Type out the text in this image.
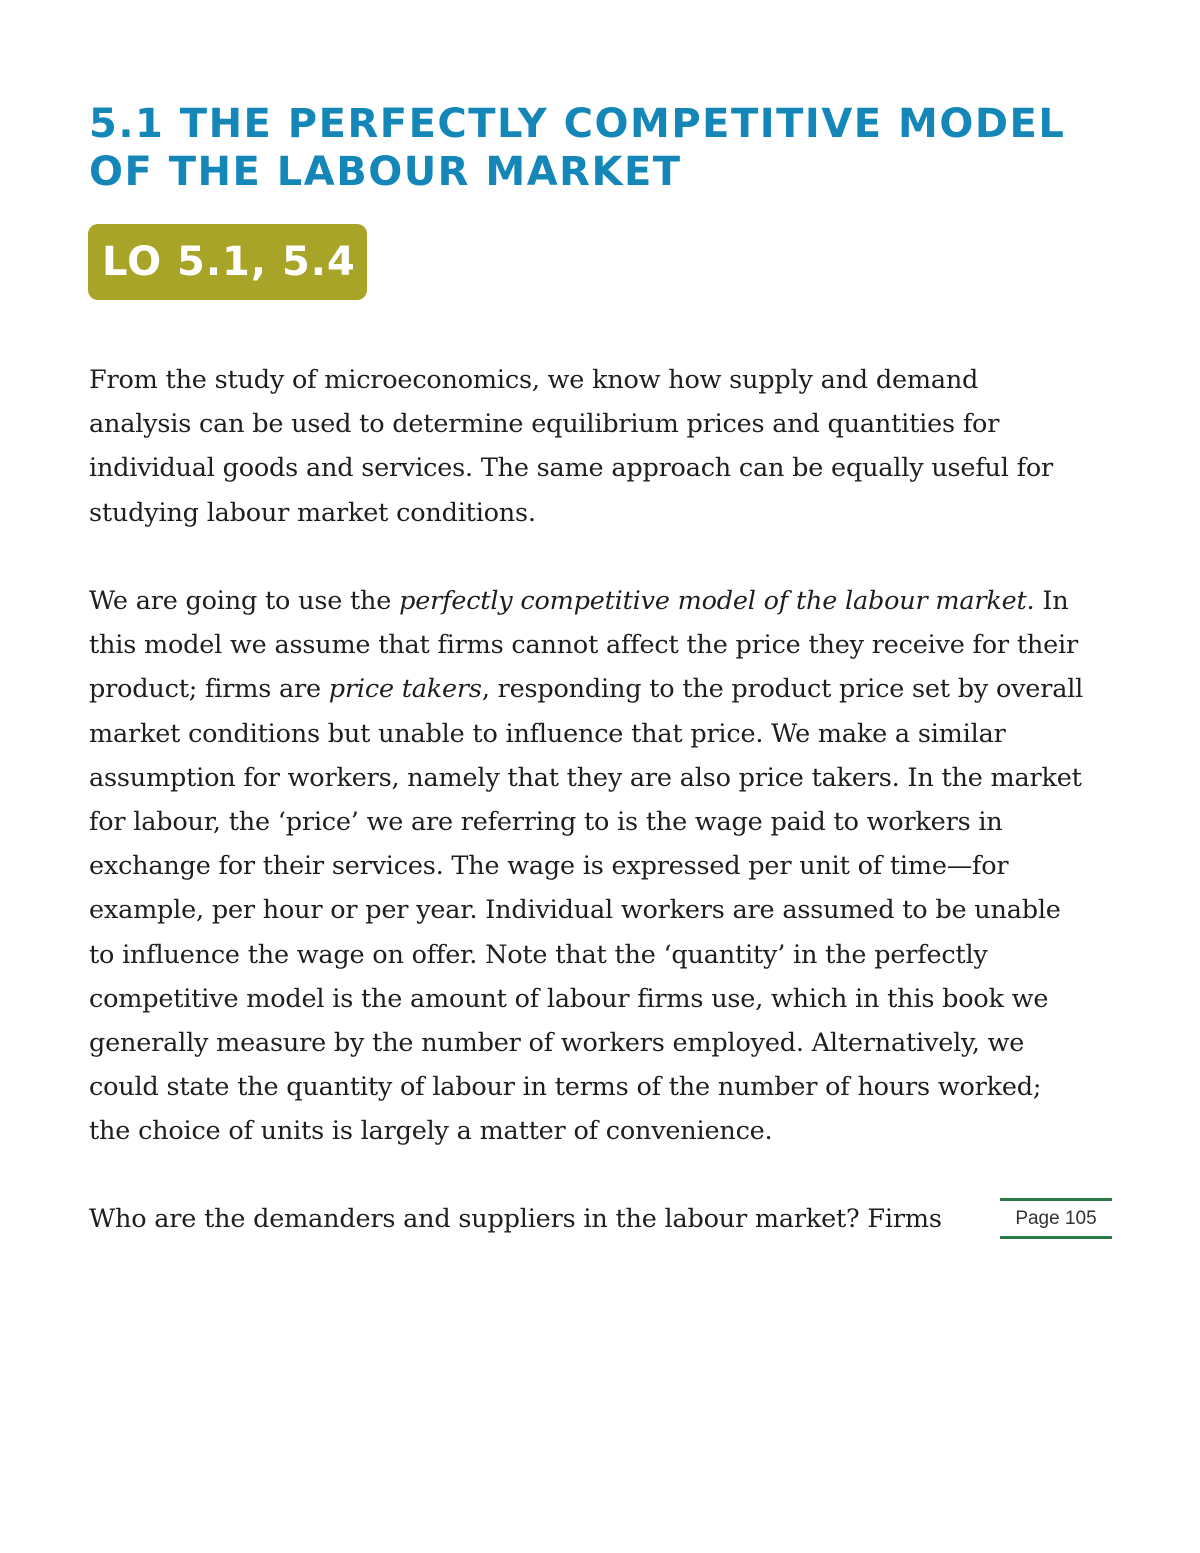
5.1 THE PERFECTLY COMPETITIVE MODEL
OF THE LABOUR MARKET
LO 5.1, 5.4

From the study of microeconomics, we know how supply and demand
analysis can be used to determine equilibrium prices and quantities for
individual goods and services. The same approach can be equally useful for
studying labour market conditions.

We are going to use the perfectly competitive model of the labour market. In
this model we assume that firms cannot affect the price they receive for their
product; firms are price takers, responding to the product price set by overall
market conditions but unable to influence that price. We make a similar
assumption for workers, namely that they are also price takers. In the market
for labour, the ‘price’ we are referring to is the wage paid to workers in
exchange for their services. The wage is expressed per unit of time—for
example, per hour or per year. Individual workers are assumed to be unable
to influence the wage on offer. Note that the ‘quantity’ in the perfectly
competitive model is the amount of labour firms use, which in this book we
generally measure by the number of workers employed. Alternatively, we
could state the quantity of labour in terms of the number of hours worked;
the choice of units is largely a matter of convenience.

Who are the demanders and suppliers in the labour market? Firms	Page 105
